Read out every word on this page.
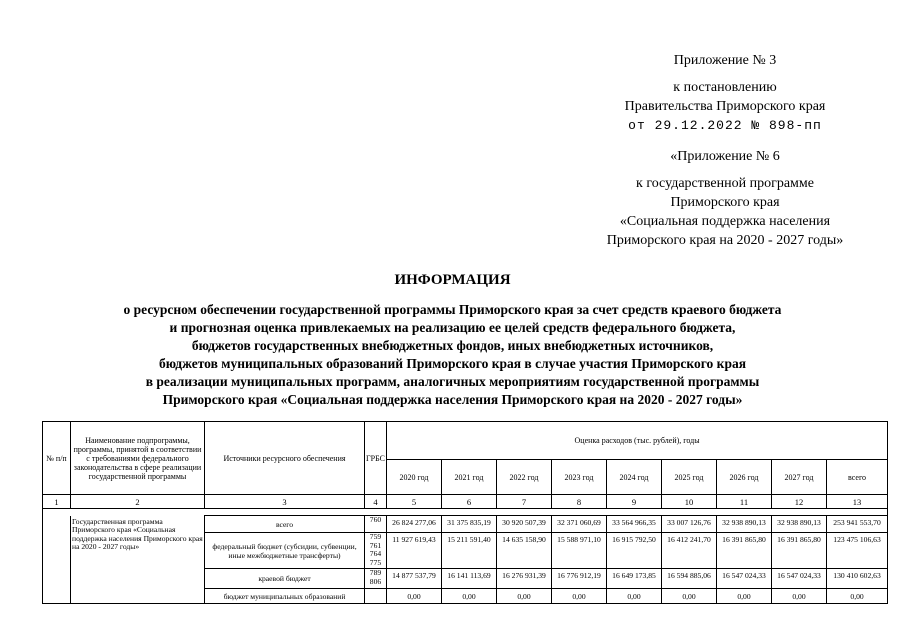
Приложение № 3
к постановлению
Правительства Приморского края
от 29.12.2022 № 898-пп
«Приложение № 6
к государственной программе
Приморского края
«Социальная поддержка населения
Приморского края на 2020 - 2027 годы»
ИНФОРМАЦИЯ
о ресурсном обеспечении государственной программы Приморского края за счет средств краевого бюджета
и прогнозная оценка привлекаемых на реализацию ее целей средств федерального бюджета,
бюджетов государственных внебюджетных фондов, иных внебюджетных источников,
бюджетов муниципальных образований Приморского края в случае участия Приморского края
в реализации муниципальных программ, аналогичных мероприятиям государственной программы
Приморского края «Социальная поддержка населения Приморского края на 2020 - 2027 годы»
№ п/п	Наименование подпрограммы, программы, принятой в соответствии с требованиями федерального законодательства в сфере реализации государственной программы	Источники ресурсного обеспечения	ГРБС	Оценка расходов (тыс. рублей), годы								
				2020 год	2021 год	2022 год	2023 год	2024 год	2025 год	2026 год	2027 год	всего
1	2	3	4	5	6	7	8	9	10	11	12	13

	Государственная программа Приморского края «Социальная поддержка населения Приморского края на 2020 - 2027 годы»	всего	760	26 824 277,06	31 375 835,19	30 920 507,39	32 371 060,69	33 564 966,35	33 007 126,76	32 938 890,13	32 938 890,13	253 941 553,70
		федеральный бюджет (субсидии, субвенции, иные межбюджетные трансферты)	759 761 764 775	11 927 619,43	15 211 591,40	14 635 158,90	15 588 971,10	16 915 792,50	16 412 241,70	16 391 865,80	16 391 865,80	123 475 106,63
		краевой бюджет	789 806	14 877 537,79	16 141 113,69	16 276 931,39	16 776 912,19	16 649 173,85	16 594 885,06	16 547 024,33	16 547 024,33	130 410 602,63
		бюджет муниципальных образований		0,00	0,00	0,00	0,00	0,00	0,00	0,00	0,00	0,00
